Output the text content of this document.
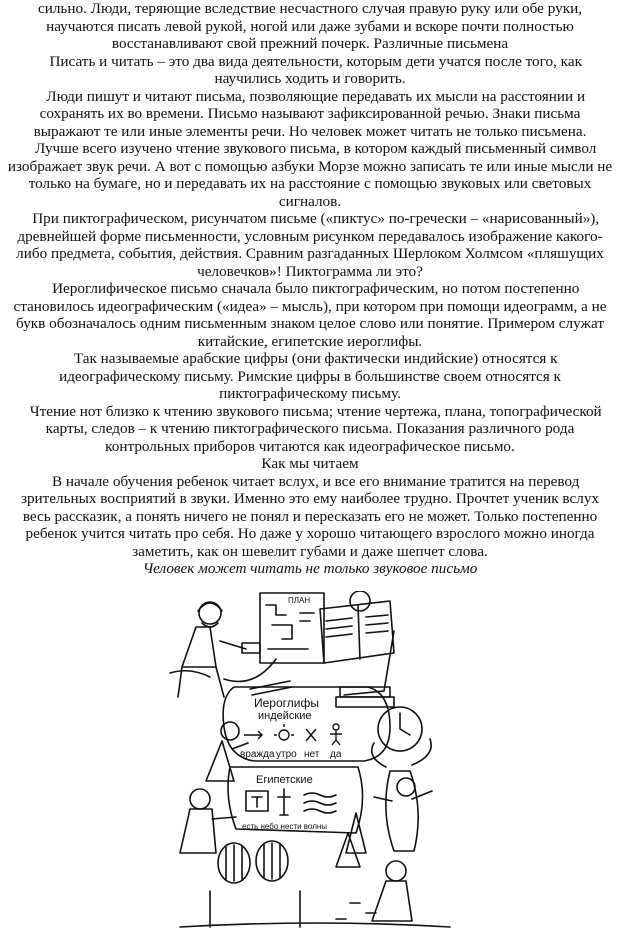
сильно. Люди, теряющие вследствие несчастного случая правую руку или обе руки, научаются писать левой рукой, ногой или даже зубами и вскоре почти полностью восстанавливают свой прежний почерк. Различные письмена

Писать и читать – это два вида деятельности, которым дети учатся после того, как научились ходить и говорить.

Люди пишут и читают письма, позволяющие передавать их мысли на расстоянии и сохранять их во времени. Письмо называют зафиксированной речью. Знаки письма выражают те или иные элементы речи. Но человек может читать не только письмена.

Лучше всего изучено чтение звукового письма, в котором каждый письменный символ изображает звук речи. А вот с помощью азбуки Морзе можно записать те или иные мысли не только на бумаге, но и передавать их на расстояние с помощью звуковых или световых сигналов.

При пиктографическом, рисунчатом письме («пиктус» по-гречески – «нарисованный»), древнейшей форме письменности, условным рисунком передавалось изображение какого-либо предмета, события, действия. Сравним разгаданных Шерлоком Холмсом «пляшущих человечков»! Пиктограмма ли это?

Иероглифическое письмо сначала было пиктографическим, но потом постепенно становилось идеографическим («идеа» – мысль), при котором при помощи идеограмм, а не букв обозначалось одним письменным знаком целое слово или понятие. Примером служат китайские, египетские иероглифы.

Так называемые арабские цифры (они фактически индийские) относятся к идеографическому письму. Римские цифры в большинстве своем относятся к пиктографическому письму.

Чтение нот близко к чтению звукового письма; чтение чертежа, плана, топографической карты, следов – к чтению пиктографического письма. Показания различного рода контрольных приборов читаются как идеографическое письмо.

Как мы читаем

В начале обучения ребенок читает вслух, и все его внимание тратится на перевод зрительных восприятий в звуки. Именно это ему наиболее трудно. Прочтет ученик вслух весь рассказик, а понять ничего не понял и пересказать его не может. Только постепенно ребенок учится читать про себя. Но даже у хорошо читающего взрослого можно иногда заметить, как он шевелит губами и даже шепчет слова.

Человек может читать не только звуковое письмо

ПЛАН
Иероглифы
индейские
вражда утро нет да
Египетские
есть небо нести волны
